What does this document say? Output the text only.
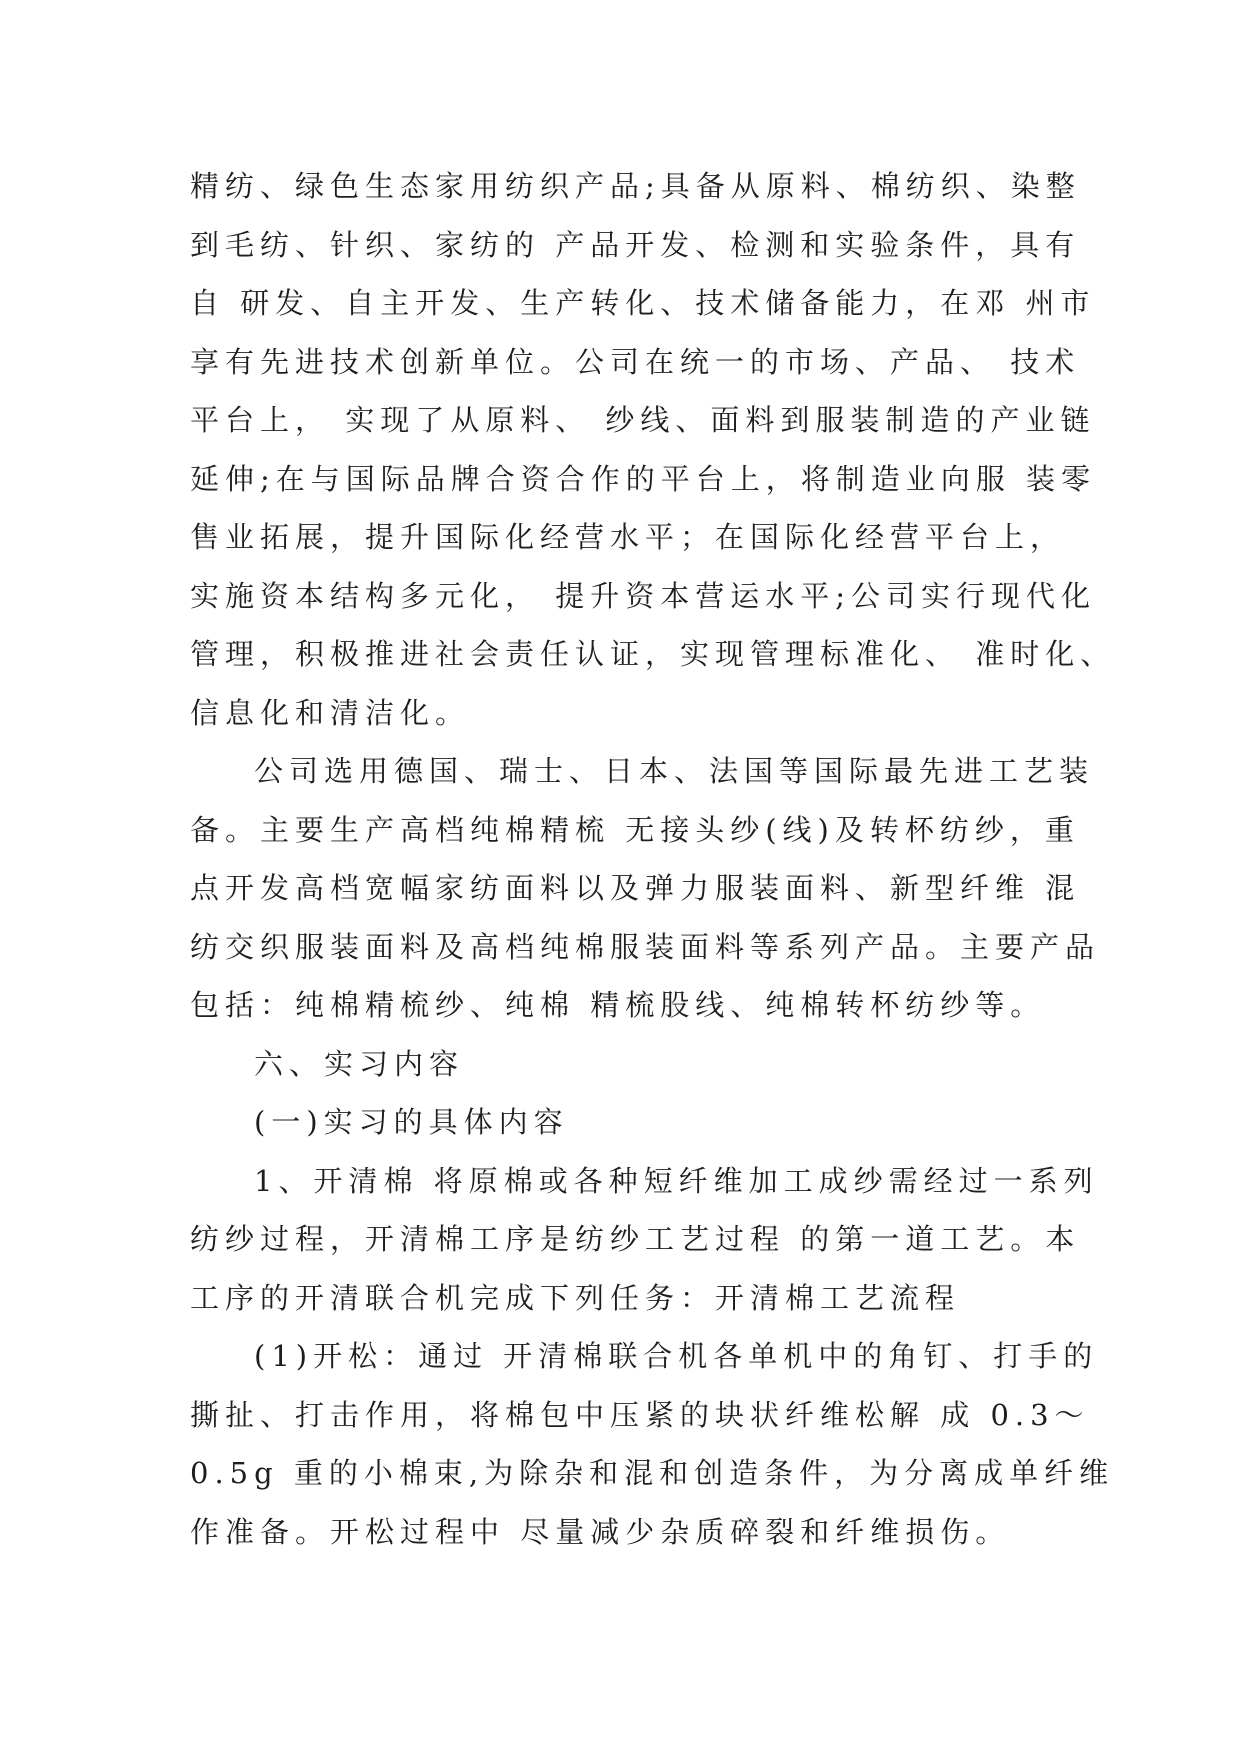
精纺、绿色生态家用纺织产品;具备从原料、棉纺织、染整
到毛纺、针织、家纺的 产品开发、检测和实验条件，具有
自 研发、自主开发、生产转化、技术储备能力，在邓 州市
享有先进技术创新单位。公司在统一的市场、产品、 技术
平台上， 实现了从原料、 纱线、面料到服装制造的产业链
延伸;在与国际品牌合资合作的平台上，将制造业向服 装零
售业拓展，提升国际化经营水平；在国际化经营平台上，
实施资本结构多元化， 提升资本营运水平;公司实行现代化
管理，积极推进社会责任认证，实现管理标准化、 准时化、
信息化和清洁化。
公司选用德国、瑞士、日本、法国等国际最先进工艺装
备。主要生产高档纯棉精梳 无接头纱(线)及转杯纺纱，重
点开发高档宽幅家纺面料以及弹力服装面料、新型纤维 混
纺交织服装面料及高档纯棉服装面料等系列产品。主要产品
包括：纯棉精梳纱、纯棉 精梳股线、纯棉转杯纺纱等。
六、实习内容
(一)实习的具体内容
1、开清棉 将原棉或各种短纤维加工成纱需经过一系列
纺纱过程，开清棉工序是纺纱工艺过程 的第一道工艺。本
工序的开清联合机完成下列任务：开清棉工艺流程
(1)开松：通过 开清棉联合机各单机中的角钉、打手的
撕扯、打击作用，将棉包中压紧的块状纤维松解 成 0.3～
0.5g 重的小棉束,为除杂和混和创造条件，为分离成单纤维
作准备。开松过程中 尽量减少杂质碎裂和纤维损伤。
